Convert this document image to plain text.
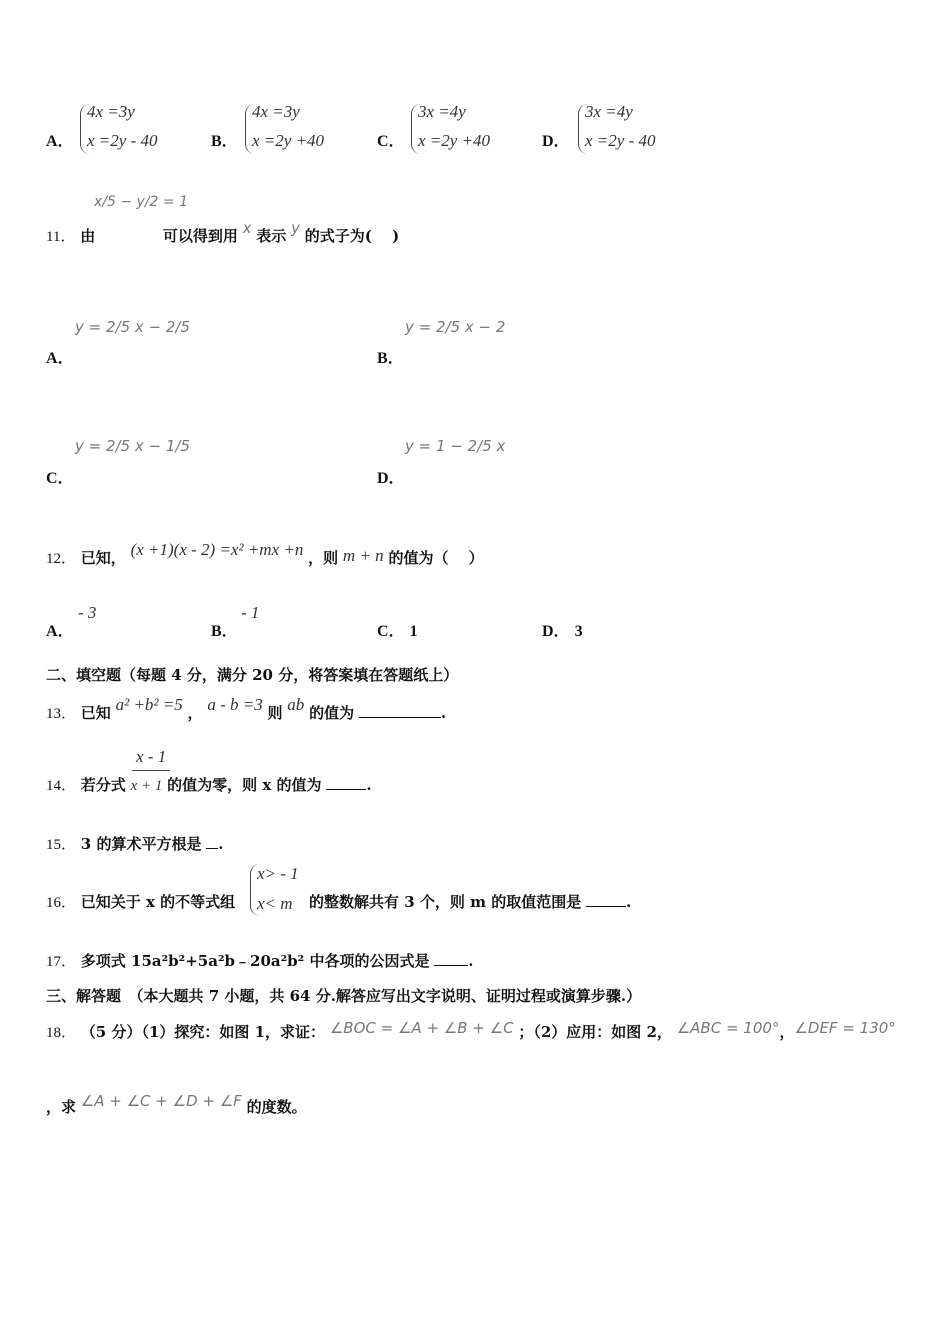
A．
4x =3y
x =2y - 40	B．
4x =3y
x =2y +40	C．
3x =4y
x =2y +40	D．
3x =4y
x =2y - 40
x/5 − y/2 = 1
11． 由	可以得到用 x 表示 y 的式子为(　 )
y = 2/5 x − 2/5
A．
y = 2/5 x − 2
B．
y = 2/5 x − 1/5
C．
y = 1 − 2/5 x
D．
12． 已知， (x +1)(x - 2) =x² +mx +n ，则 m + n 的值为（　 ）
A．
- 3
B．
- 1
C． 1	D． 3
二、填空题（每题 4 分，满分 20 分，将答案填在答题纸上）
13． 已知 a² +b² =5 ， a - b =3 则 ab 的值为	.
x - 1
14． 若分式 x + 1 的值为零，则 x 的值为	.
15． 3 的算术平方根是 .
x> - 1
x< m
16． 已知关于 x 的不等式组	的整数解共有 3 个，则 m 的取值范围是	.
17． 多项式 15a²b²+5a²b﹣20a²b² 中各项的公因式是	.
三、解答题　（本大题共 7 小题，共 64 分.解答应写出文字说明、证明过程或演算步骤.）
18． （5 分）（1）探究：如图 1，求证： ∠BOC = ∠A + ∠B + ∠C ；（2）应用：如图 2， ∠ABC = 100°，∠DEF = 130°
，求 ∠A + ∠C + ∠D + ∠F 的度数。
